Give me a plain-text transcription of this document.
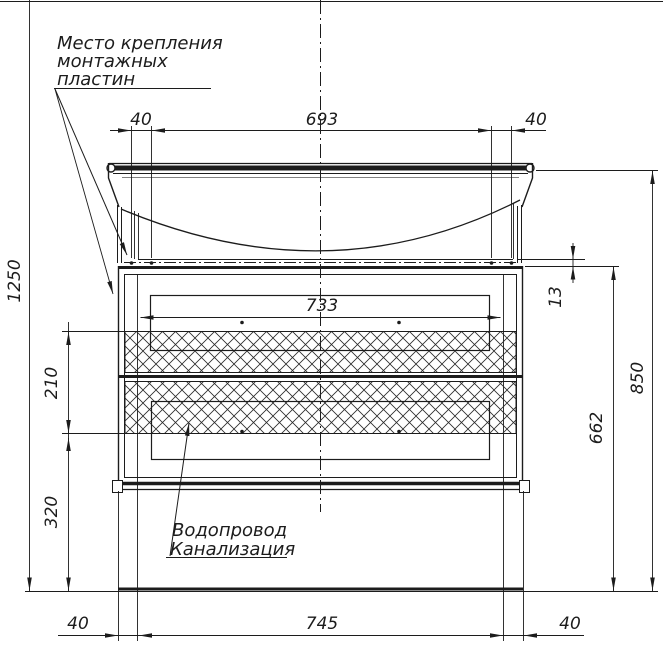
733
40	693	40
40	745	40
1250
210
320
13
662
850
Место крепления
монтажных
пластин
Водопровод
Канализация
